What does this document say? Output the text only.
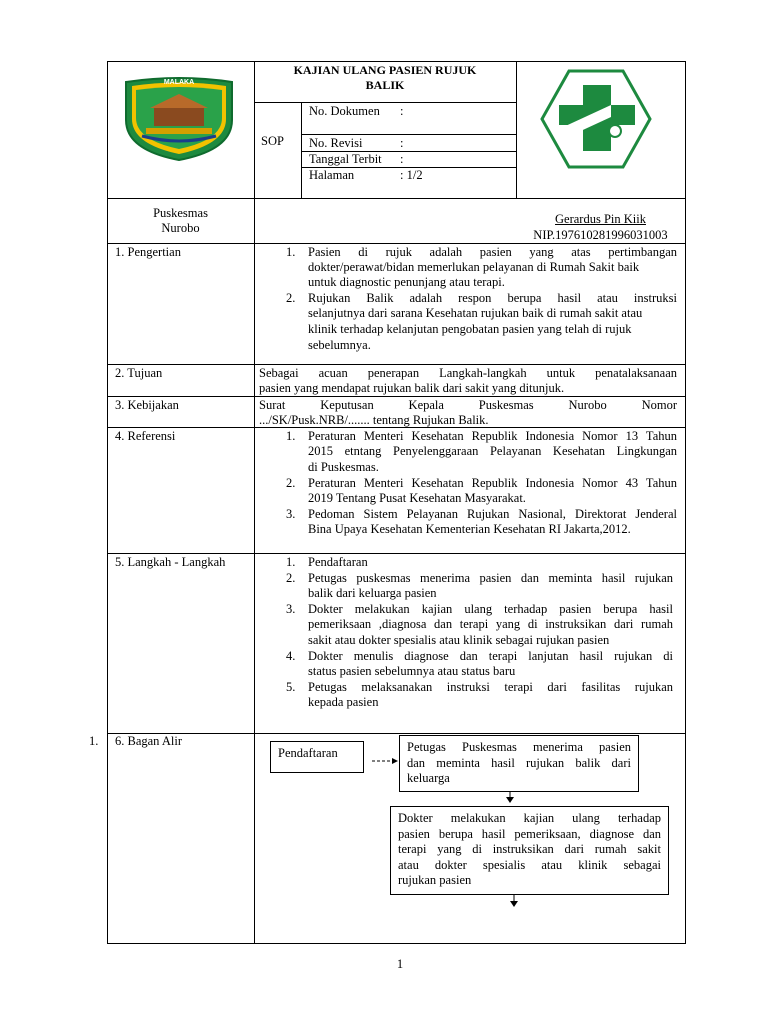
MALAKA
KAJIAN ULANG PASIEN RUJUK
BALIK
SOP
No. Dokumen :
No. Revisi	:
Tanggal Terbit :
Halaman	: 1/2
Puskesmas
Nurobo
Gerardus Pin Kiik
NIP.197610281996031003
1. Pengertian	1. Pasien di rujuk adalah pasien yang atas pertimbangan
dokter/perawat/bidan memerlukan pelayanan di Rumah Sakit baik
untuk diagnostic penunjang atau terapi.
2. Rujukan Balik adalah respon berupa hasil atau instruksi
selanjutnya dari sarana Kesehatan rujukan baik di rumah sakit atau
klinik terhadap kelanjutan pengobatan pasien yang telah di rujuk
sebelumnya.
2. Tujuan	Sebagai acuan penerapan Langkah-langkah untuk penatalaksanaan
pasien yang mendapat rujukan balik dari sakit yang ditunjuk.
3. Kebijakan	Surat Keputusan Kepala Puskesmas Nurobo Nomor
.../SK/Pusk.NRB/....... tentang Rujukan Balik.
4. Referensi	1. Peraturan Menteri Kesehatan Republik Indonesia Nomor 13 Tahun
2015 etntang Penyelenggaraan Pelayanan Kesehatan Lingkungan
di Puskesmas.
2. Peraturan Menteri Kesehatan Republik Indonesia Nomor 43 Tahun
2019 Tentang Pusat Kesehatan Masyarakat.
3. Pedoman Sistem Pelayanan Rujukan Nasional, Direktorat Jenderal
Bina Upaya Kesehatan Kementerian Kesehatan RI Jakarta,2012.
5. Langkah - Langkah	1. Pendaftaran
2. Petugas puskesmas menerima pasien dan meminta hasil rujukan
balik dari keluarga pasien
3. Dokter melakukan kajian ulang terhadap pasien berupa hasil
pemeriksaan ,diagnosa dan terapi yang di instruksikan dari rumah
sakit atau dokter spesialis atau klinik sebagai rujukan pasien
4. Dokter menulis diagnose dan terapi lanjutan hasil rujukan di
status pasien sebelumnya atau status baru
5. Petugas melaksanakan instruksi terapi dari fasilitas rujukan
kepada pasien
1. 6. Bagan Alir
Pendaftaran	Petugas Puskesmas menerima pasien
dan meminta hasil rujukan balik dari
keluarga
Dokter melakukan kajian ulang terhadap
pasien berupa hasil pemeriksaan, diagnose dan
terapi yang di instruksikan dari rumah sakit
atau dokter spesialis atau klinik sebagai
rujukan pasien
1
